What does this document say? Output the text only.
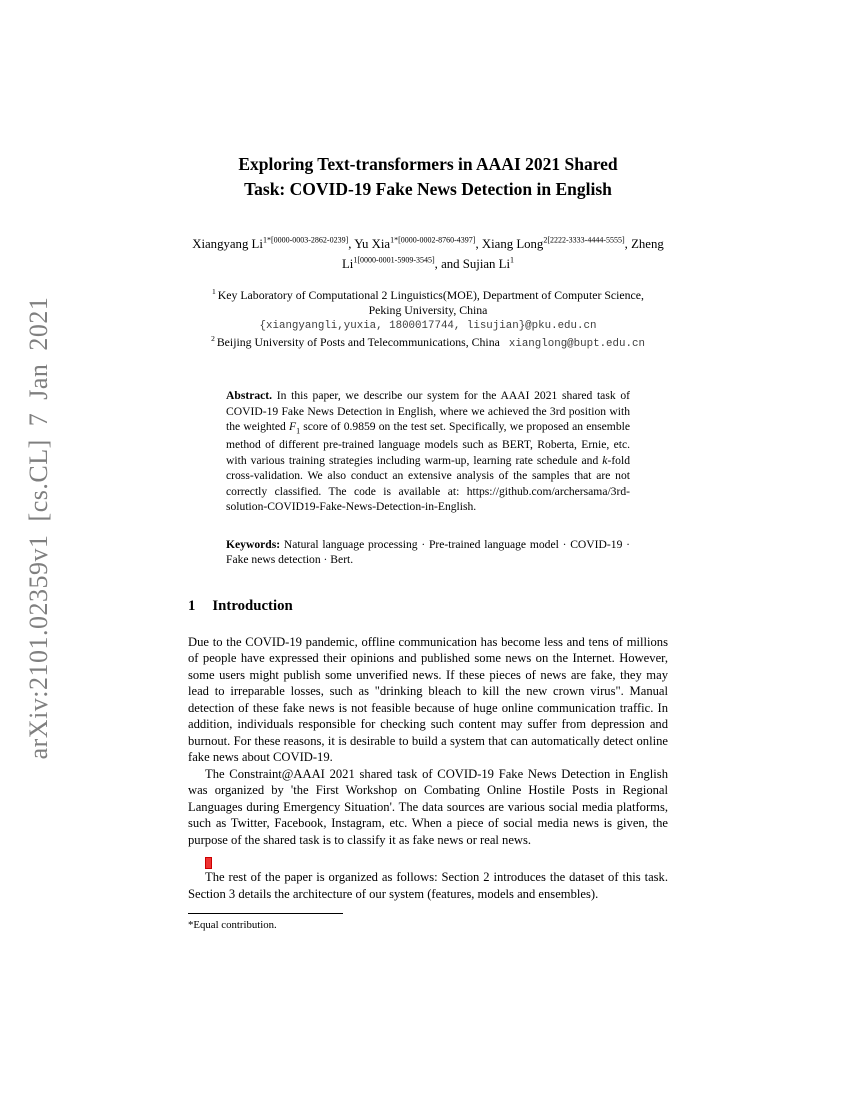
arXiv:2101.02359v1 [cs.CL] 7 Jan 2021
Exploring Text-transformers in AAAI 2021 Shared
Task: COVID-19 Fake News Detection in English
Xiangyang $Li^{1*[0000-0003-2862-0239]}$, Yu Xia$^{1*[0000-0002-8760-4397]}$, Xiang Long$^{2[2222-3333-4444-5555]}$, Zheng $Li^{1[0000-0001-5909-3545]}$, and Sujian Li$^1$
$^1$ Key Laboratory of Computational 2 Linguistics(MOE), Department of Computer Science,
Peking University, China
{xiangyangli,yuxia, 1800017744, lisujian}@pku.edu.cn
$^2$ Beijing University of Posts and Telecommunications, China xianglong@bupt.edu.cn
Abstract. In this paper, we describe our system for the AAAI 2021 shared task of COVID-19 Fake News Detection in English, where we achieved the 3rd position with the weighted $F_1$ score of 0.9859 on the test set. Specifically, we proposed an ensemble method of different pre-trained language models such as BERT, Roberta, Ernie, etc. with various training strategies including warm-up, learning rate schedule and k-fold cross-validation. We also conduct an extensive analysis of the samples that are not correctly classified. The code is available at: https://github.com/archersama/3rd-solution-COVID19-Fake-News-Detection-in-English.
Keywords: Natural language processing · Pre-trained language model · COVID-19 · Fake news detection · Bert.
1 Introduction

Due to the COVID-19 pandemic, offline communication has become less and tens of millions of people have expressed their opinions and published some news on the Internet. However, some users might publish some unverified news. If these pieces of news are fake, they may lead to irreparable losses, such as "drinking bleach to kill the new crown virus". Manual detection of these fake news is not feasible because of huge online communication traffic. In addition, individuals responsible for checking such content may suffer from depression and burnout. For these reasons, it is desirable to build a system that can automatically detect online fake news about COVID-19.

The Constraint@AAAI 2021 shared task of COVID-19 Fake News Detection in English was organized by 'the First Workshop on Combating Online Hostile Posts in Regional Languages during Emergency Situation'. The data sources are various social media platforms, such as Twitter, Facebook, Instagram, etc. When a piece of social media news is given, the purpose of the shared task is to classify it as fake news or real news.

The rest of the paper is organized as follows: Section 2 introduces the dataset of this task. Section 3 details the architecture of our system (features, models and ensembles).

*Equal contribution.
